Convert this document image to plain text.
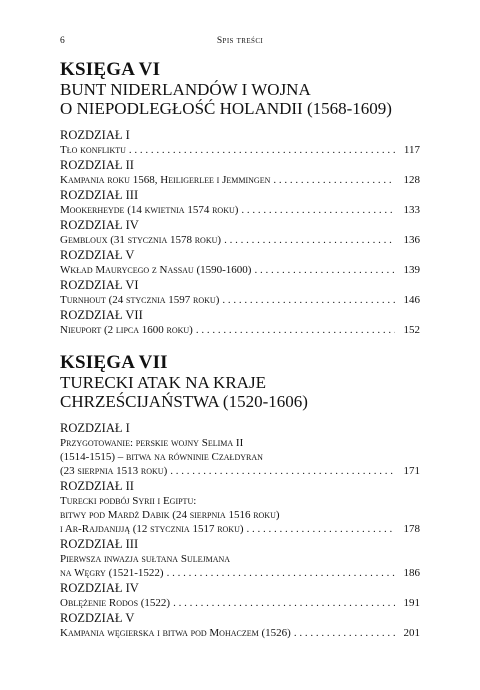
6	Spis treści
KSIĘGA VI
BUNT NIDERLANDÓW I WOJNA
O NIEPODLEGŁOŚĆ HOLANDII (1568-1609)
ROZDZIAŁ I
Tło konfliktu . . .	117
ROZDZIAŁ II
Kampania roku 1568, Heiligerlee i Jemmingen . . .	128
ROZDZIAŁ III
Mookerheyde (14 kwietnia 1574 roku) . . .	133
ROZDZIAŁ IV
Gembloux (31 stycznia 1578 roku) . . .	136
ROZDZIAŁ V
Wkład Maurycego z Nassau (1590-1600) . . .	139
ROZDZIAŁ VI
Turnhout (24 stycznia 1597 roku) . . .	146
ROZDZIAŁ VII
Nieuport (2 lipca 1600 roku) . . .	152
KSIĘGA VII
TURECKI ATAK NA KRAJE
CHRZEŚCIJAŃSTWA (1520-1606)
ROZDZIAŁ I
Przygotowanie: perskie wojny Selima II
(1514-1515) – bitwa na równinie Czałdyran
(23 sierpnia 1513 roku) . . .	171
ROZDZIAŁ II
Turecki podbój Syrii i Egiptu:
bitwy pod Mardż Dabik (24 sierpnia 1516 roku)
i Ar-Rajdanijją (12 stycznia 1517 roku) . . .	178
ROZDZIAŁ III
Pierwsza inwazja sułtana Sulejmana
na Węgry (1521-1522) . . .	186
ROZDZIAŁ IV
Oblężenie Rodos (1522) . . .	191
ROZDZIAŁ V
Kampania węgierska i bitwa pod Mohaczem (1526) . . .	201
